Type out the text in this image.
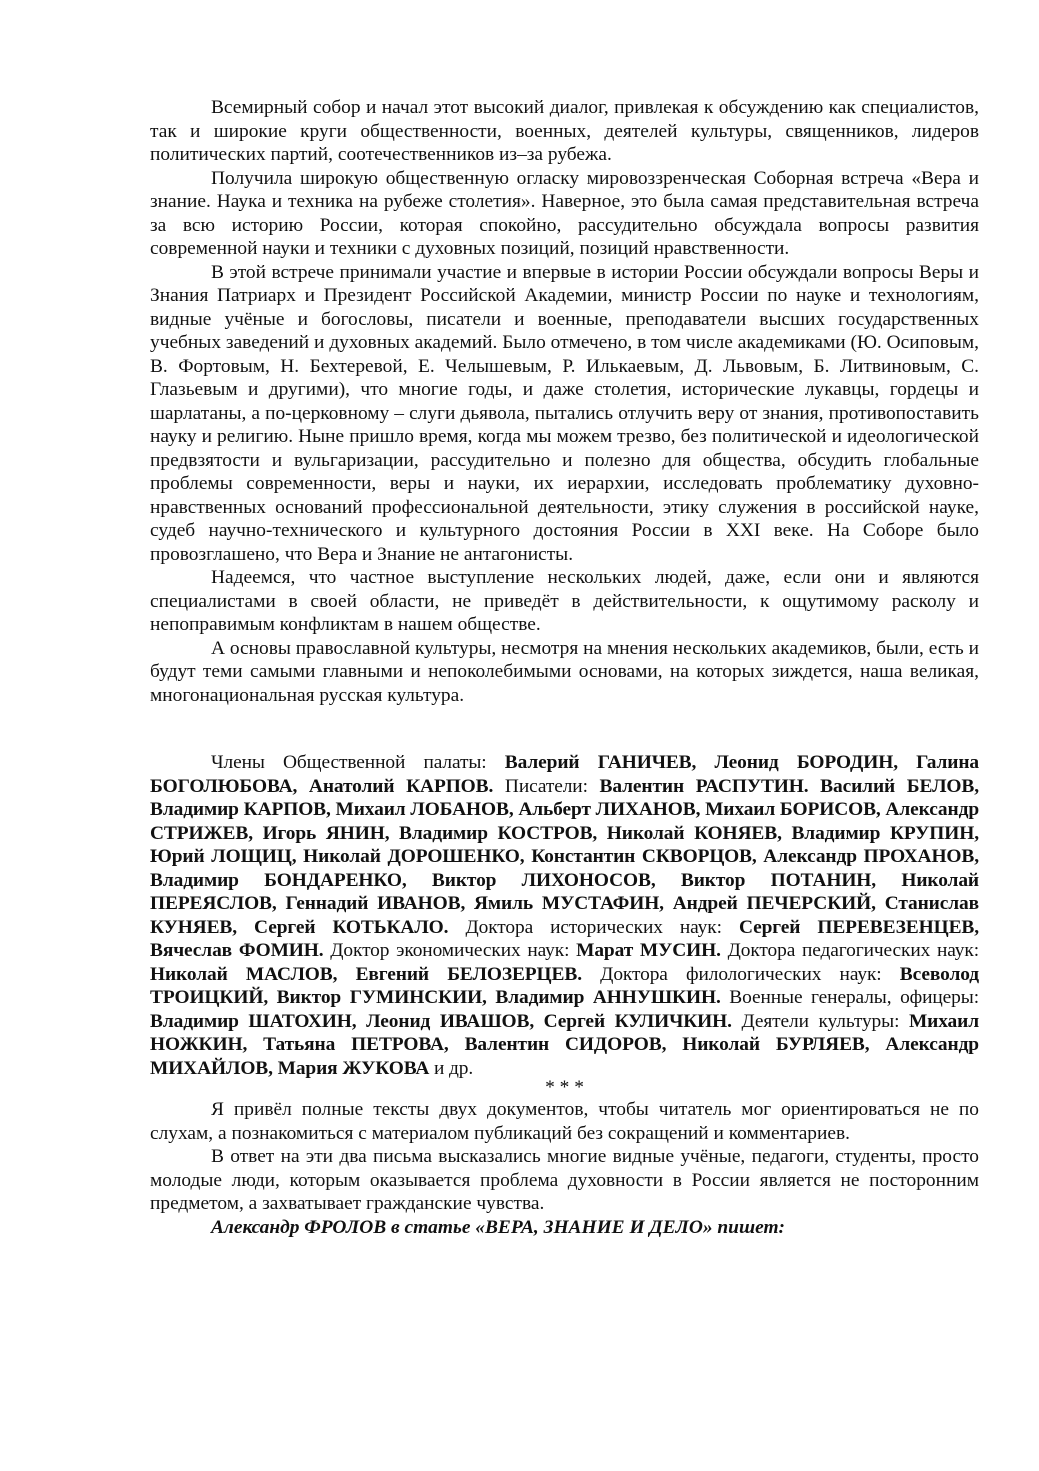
Всемирный собор и начал этот высокий диалог, привлекая к обсуждению как специалистов, так и широкие круги общественности, военных, деятелей культуры, священников, лидеров политических партий, соотечественников из–за рубежа.

Получила широкую общественную огласку мировоззренческая Соборная встреча «Вера и знание. Наука и техника на рубеже столетия». Наверное, это была самая представительная встреча за всю историю России, которая спокойно, рассудительно обсуждала вопросы развития современной науки и техники с духовных позиций, позиций нравственности.

В этой встрече принимали участие и впервые в истории России обсуждали вопросы Веры и Знания Патриарх и Президент Российской Академии, министр России по науке и технологиям, видные учёные и богословы, писатели и военные, преподаватели высших государственных учебных заведений и духовных академий. Было отмечено, в том числе академиками (Ю. Осиповым, В. Фортовым, Н. Бехтеревой, Е. Челышевым, Р. Илькаевым, Д. Львовым, Б. Литвиновым, С. Глазьевым и другими), что многие годы, и даже столетия, исторические лукавцы, гордецы и шарлатаны, а по-церковному – слуги дьявола, пытались отлучить веру от знания, противопоставить науку и религию. Ныне пришло время, когда мы можем трезво, без политической и идеологической предвзятости и вульгаризации, рассудительно и полезно для общества, обсудить глобальные проблемы современности, веры и науки, их иерархии, исследовать проблематику духовно-нравственных оснований профессиональной деятельности, этику служения в российской науке, судеб научно-технического и культурного достояния России в XXI веке. На Соборе было провозглашено, что Вера и Знание не антагонисты.

Надеемся, что частное выступление нескольких людей, даже, если они и являются специалистами в своей области, не приведёт в действительности, к ощутимому расколу и непоправимым конфликтам в нашем обществе.

А основы православной культуры, несмотря на мнения нескольких академиков, были, есть и будут теми самыми главными и непоколебимыми основами, на которых зиждется, наша великая, многонациональная русская культура.

Члены Общественной палаты: Валерий ГАНИЧЕВ, Леонид БОРОДИН, Галина БОГОЛЮБОВА, Анатолий КАРПОВ. Писатели: Валентин РАСПУТИН. Василий БЕЛОВ, Владимир КАРПОВ, Михаил ЛОБАНОВ, Альберт ЛИХАНОВ, Михаил БОРИСОВ, Александр СТРИЖЕВ, Игорь ЯНИН, Владимир КОСТРОВ, Николай КОНЯЕВ, Владимир КРУПИН, Юрий ЛОЩИЦ, Николай ДОРОШЕНКО, Константин СКВОРЦОВ, Александр ПРОХАНОВ, Владимир БОНДАРЕНКО, Виктор ЛИХОНОСОВ, Виктор ПОТАНИН, Николай ПЕРЕЯСЛОВ, Геннадий ИВАНОВ, Ямиль МУСТАФИН, Андрей ПЕЧЕРСКИЙ, Станислав КУНЯЕВ, Сергей КОТЬКАЛО. Доктора исторических наук: Сергей ПЕРЕВЕЗЕНЦЕВ, Вячеслав ФОМИН. Доктор экономических наук: Марат МУСИН. Доктора педагогических наук: Николай МАСЛОВ, Евгений БЕЛОЗЕРЦЕВ. Доктора филологических наук: Всеволод ТРОИЦКИЙ, Виктор ГУМИНСКИИ, Владимир АННУШКИН. Военные генералы, офицеры: Владимир ШАТОХИН, Леонид ИВАШОВ, Сергей КУЛИЧКИН. Деятели культуры: Михаил НОЖКИН, Татьяна ПЕТРОВА, Валентин СИДОРОВ, Николай БУРЛЯЕВ, Александр МИХАЙЛОВ, Мария ЖУКОВА и др.

* * *

Я привёл полные тексты двух документов, чтобы читатель мог ориентироваться не по слухам, а познакомиться с материалом публикаций без сокращений и комментариев.

В ответ на эти два письма высказались многие видные учёные, педагоги, студенты, просто молодые люди, которым оказывается проблема духовности в России является не посторонним предметом, а захватывает гражданские чувства.

Александр ФРОЛОВ в статье «ВЕРА, ЗНАНИЕ И ДЕЛО» пишет:
